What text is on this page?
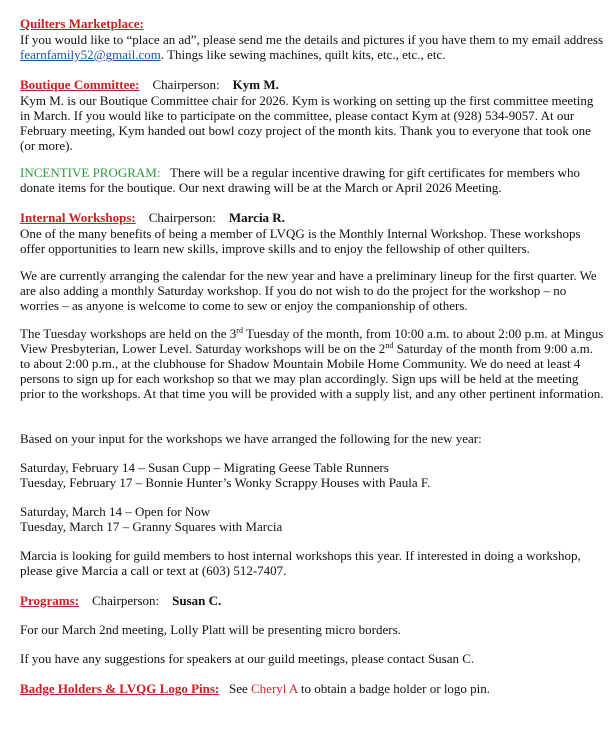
Quilters Marketplace:

If you would like to “place an ad”, please send me the details and pictures if you have them to my email address fearnfamily52@gmail.com. Things like sewing machines, quilt kits, etc., etc., etc.

Boutique Committee: Chairperson: Kym M.

Kym M. is our Boutique Committee chair for 2026. Kym is working on setting up the first committee meeting in March. If you would like to participate on the committee, please contact Kym at (928) 534-9057. At our February meeting, Kym handed out bowl cozy project of the month kits. Thank you to everyone that took one (or more).

INCENTIVE PROGRAM: There will be a regular incentive drawing for gift certificates for members who donate items for the boutique. Our next drawing will be at the March or April 2026 Meeting.

Internal Workshops: Chairperson: Marcia R.

One of the many benefits of being a member of LVQG is the Monthly Internal Workshop. These workshops offer opportunities to learn new skills, improve skills and to enjoy the fellowship of other quilters.

We are currently arranging the calendar for the new year and have a preliminary lineup for the first quarter. We are also adding a monthly Saturday workshop. If you do not wish to do the project for the workshop – no worries – as anyone is welcome to come to sew or enjoy the companionship of others.

The Tuesday workshops are held on the 3rd Tuesday of the month, from 10:00 a.m. to about 2:00 p.m. at Mingus View Presbyterian, Lower Level. Saturday workshops will be on the 2nd Saturday of the month from 9:00 a.m. to about 2:00 p.m., at the clubhouse for Shadow Mountain Mobile Home Community. We do need at least 4 persons to sign up for each workshop so that we may plan accordingly. Sign ups will be held at the meeting prior to the workshops. At that time you will be provided with a supply list, and any other pertinent information.

Based on your input for the workshops we have arranged the following for the new year:

Saturday, February 14 – Susan Cupp – Migrating Geese Table Runners
Tuesday, February 17 – Bonnie Hunter’s Wonky Scrappy Houses with Paula F.
Saturday, March 14 – Open for Now
Tuesday, March 17 – Granny Squares with Marcia

Marcia is looking for guild members to host internal workshops this year. If interested in doing a workshop, please give Marcia a call or text at (603) 512-7407.

Programs: Chairperson: Susan C.

For our March 2nd meeting, Lolly Platt will be presenting micro borders.

If you have any suggestions for speakers at our guild meetings, please contact Susan C.

Badge Holders & LVQG Logo Pins: See Cheryl A to obtain a badge holder or logo pin.
